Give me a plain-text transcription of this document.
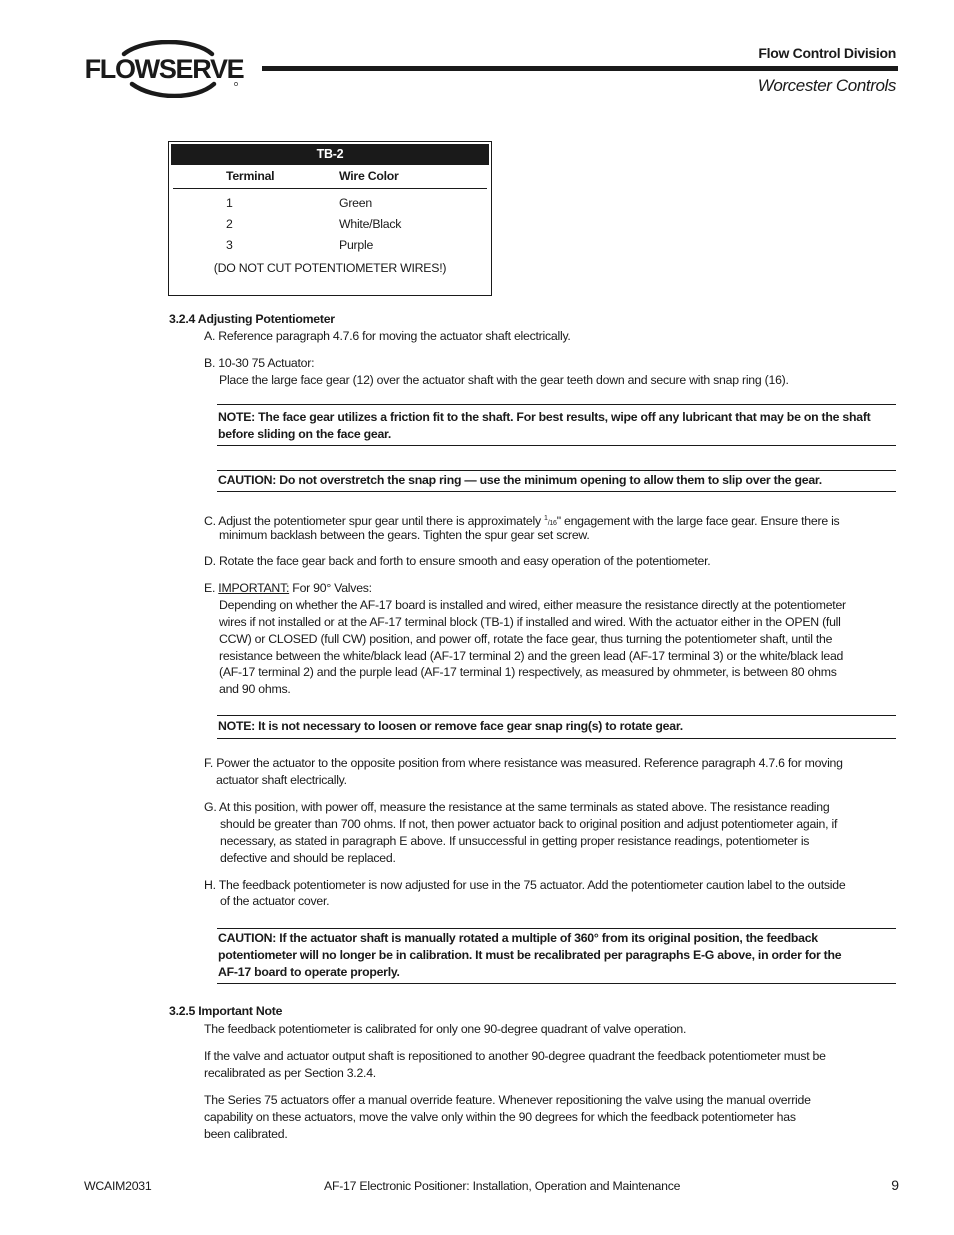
FLOWSERVE
Flow Control Division
Worcester Controls
TB-2
Terminal	Wire Color
1	Green
2	White/Black
3	Purple
(DO NOT CUT POTENTIOMETER WIRES!)
3.2.4 Adjusting Potentiometer
A. Reference paragraph 4.7.6 for moving the actuator shaft electrically.
B. 10-30 75 Actuator:
Place the large face gear (12) over the actuator shaft with the gear teeth down and secure with snap ring (16).
NOTE: The face gear utilizes a friction fit to the shaft. For best results, wipe off any lubricant that may be on the shaft
before sliding on the face gear.
CAUTION: Do not overstretch the snap ring — use the minimum opening to allow them to slip over the gear.
C. Adjust the potentiometer spur gear until there is approximately $^1$/16" engagement with the large face gear. Ensure there is
minimum backlash between the gears. Tighten the spur gear set screw.
D. Rotate the face gear back and forth to ensure smooth and easy operation of the potentiometer.
E. IMPORTANT: For 90° Valves:
Depending on whether the AF-17 board is installed and wired, either measure the resistance directly at the potentiometer
wires if not installed or at the AF-17 terminal block (TB-1) if installed and wired. With the actuator either in the OPEN (full
CCW) or CLOSED (full CW) position, and power off, rotate the face gear, thus turning the potentiometer shaft, until the
resistance between the white/black lead (AF-17 terminal 2) and the green lead (AF-17 terminal 3) or the white/black lead
(AF-17 terminal 2) and the purple lead (AF-17 terminal 1) respectively, as measured by ohmmeter, is between 80 ohms
and 90 ohms.
NOTE: It is not necessary to loosen or remove face gear snap ring(s) to rotate gear.
F. Power the actuator to the opposite position from where resistance was measured. Reference paragraph 4.7.6 for moving
actuator shaft electrically.
G. At this position, with power off, measure the resistance at the same terminals as stated above. The resistance reading
should be greater than 700 ohms. If not, then power actuator back to original position and adjust potentiometer again, if
necessary, as stated in paragraph E above. If unsuccessful in getting proper resistance readings, potentiometer is
defective and should be replaced.
H. The feedback potentiometer is now adjusted for use in the 75 actuator. Add the potentiometer caution label to the outside
of the actuator cover.
CAUTION: If the actuator shaft is manually rotated a multiple of 360° from its original position, the feedback
potentiometer will no longer be in calibration. It must be recalibrated per paragraphs E-G above, in order for the
AF-17 board to operate properly.
3.2.5 Important Note
The feedback potentiometer is calibrated for only one 90-degree quadrant of valve operation.
If the valve and actuator output shaft is repositioned to another 90-degree quadrant the feedback potentiometer must be
recalibrated as per Section 3.2.4.
The Series 75 actuators offer a manual override feature. Whenever repositioning the valve using the manual override
capability on these actuators, move the valve only within the 90 degrees for which the feedback potentiometer has
been calibrated.
WCAIM2031	AF-17 Electronic Positioner: Installation, Operation and Maintenance	9
